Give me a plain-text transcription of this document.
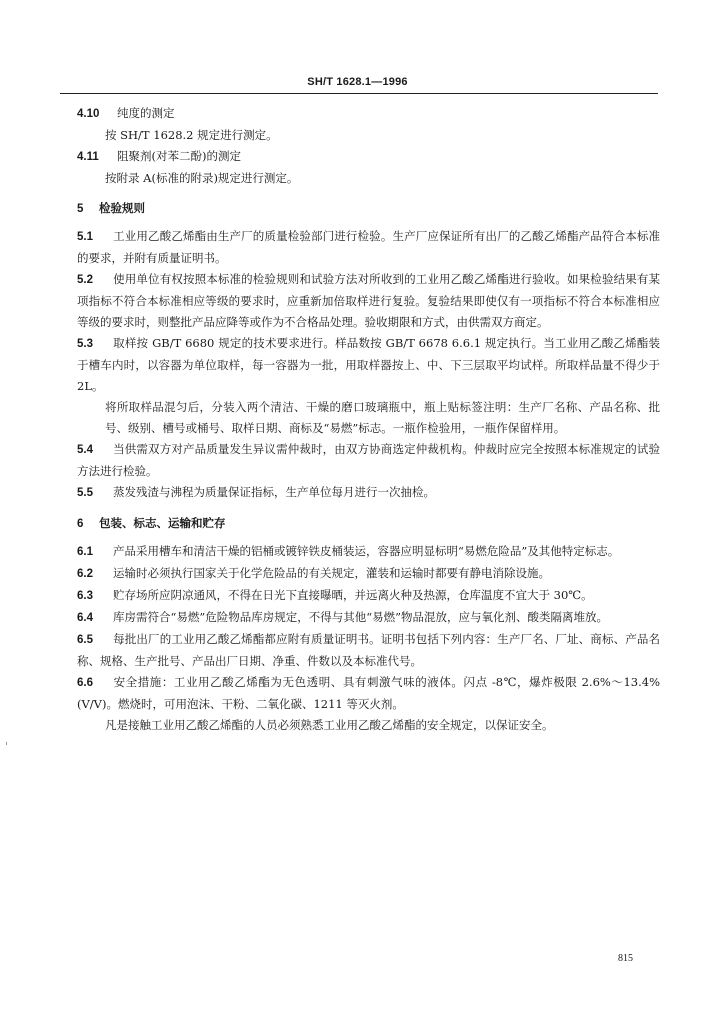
SH/T 1628.1—1996
4.10 纯度的测定
按 SH/T 1628.2 规定进行测定。
4.11 阻聚剂(对苯二酚)的测定
按附录 A(标准的附录)规定进行测定。
5 检验规则
5.1 工业用乙酸乙烯酯由生产厂的质量检验部门进行检验。生产厂应保证所有出厂的乙酸乙烯酯产品符合本标准的要求，并附有质量证明书。
5.2 使用单位有权按照本标准的检验规则和试验方法对所收到的工业用乙酸乙烯酯进行验收。如果检验结果有某项指标不符合本标准相应等级的要求时，应重新加倍取样进行复验。复验结果即使仅有一项指标不符合本标准相应等级的要求时，则整批产品应降等或作为不合格品处理。验收期限和方式，由供需双方商定。
5.3 取样按 GB/T 6680 规定的技术要求进行。样品数按 GB/T 6678 6.6.1 规定执行。当工业用乙酸乙烯酯装于槽车内时，以容器为单位取样，每一容器为一批，用取样器按上、中、下三层取平均试样。所取样品量不得少于 2L。
将所取样品混匀后，分装入两个清洁、干燥的磨口玻璃瓶中，瓶上贴标签注明：生产厂名称、产品名称、批号、级别、槽号或桶号、取样日期、商标及“易燃”标志。一瓶作检验用，一瓶作保留样用。
5.4 当供需双方对产品质量发生异议需仲裁时，由双方协商选定仲裁机构。仲裁时应完全按照本标准规定的试验方法进行检验。
5.5 蒸发残渣与沸程为质量保证指标，生产单位每月进行一次抽检。
6 包装、标志、运输和贮存
6.1 产品采用槽车和清洁干燥的铝桶或镀锌铁皮桶装运，容器应明显标明“易燃危险品”及其他特定标志。
6.2 运输时必须执行国家关于化学危险品的有关规定，灌装和运输时都要有静电消除设施。
6.3 贮存场所应阴凉通风，不得在日光下直接曝晒，并远离火种及热源，仓库温度不宜大于 30℃。
6.4 库房需符合“易燃”危险物品库房规定，不得与其他“易燃”物品混放，应与氧化剂、酸类隔离堆放。
6.5 每批出厂的工业用乙酸乙烯酯都应附有质量证明书。证明书包括下列内容：生产厂名、厂址、商标、产品名称、规格、生产批号、产品出厂日期、净重、件数以及本标准代号。
6.6 安全措施：工业用乙酸乙烯酯为无色透明、具有刺激气味的液体。闪点 -8℃，爆炸极限 2.6%～13.4%(V/V)。燃烧时，可用泡沫、干粉、二氧化碳、1211 等灭火剂。
凡是接触工业用乙酸乙烯酯的人员必须熟悉工业用乙酸乙烯酯的安全规定，以保证安全。
815
